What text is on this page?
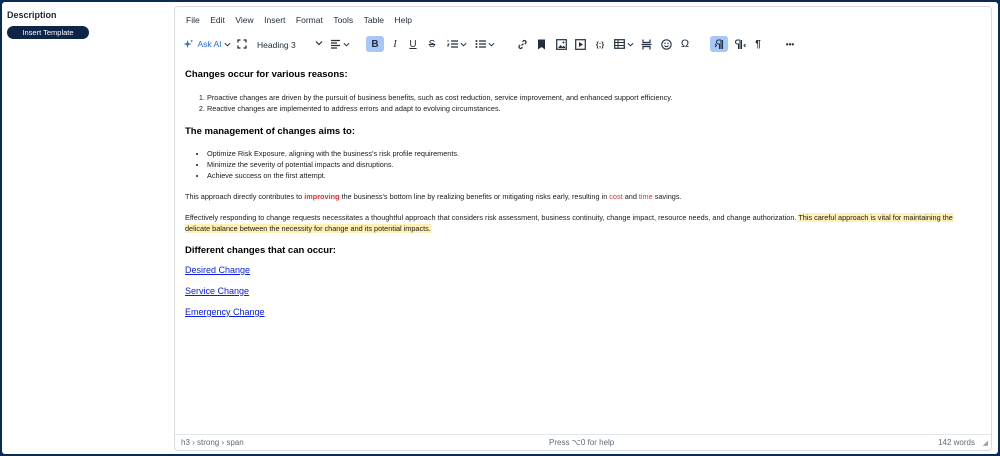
Description
Insert Template
File Edit View Insert Format Tools Table Help
Ask AI	Heading 3	B	I	U	S	{;}	Ω	¶	•••
Changes occur for various reasons:
1. Proactive changes are driven by the pursuit of business benefits, such as cost reduction, service improvement, and enhanced support efficiency.
2. Reactive changes are implemented to address errors and adapt to evolving circumstances.
The management of changes aims to:
• Optimize Risk Exposure, aligning with the business's risk profile requirements.
• Minimize the severity of potential impacts and disruptions.
• Achieve success on the first attempt.

This approach directly contributes to improving the business's bottom line by realizing benefits or mitigating risks early, resulting in cost and time savings.

Effectively responding to change requests necessitates a thoughtful approach that considers risk assessment, business continuity, change impact, resource needs, and change authorization. This careful approach is vital for maintaining the delicate balance between the necessity for change and its potential impacts.

Different changes that can occur:

Desired Change

Service Change

Emergency Change

h3 › strong › span	Press ⌥0 for help	142 words ◢
